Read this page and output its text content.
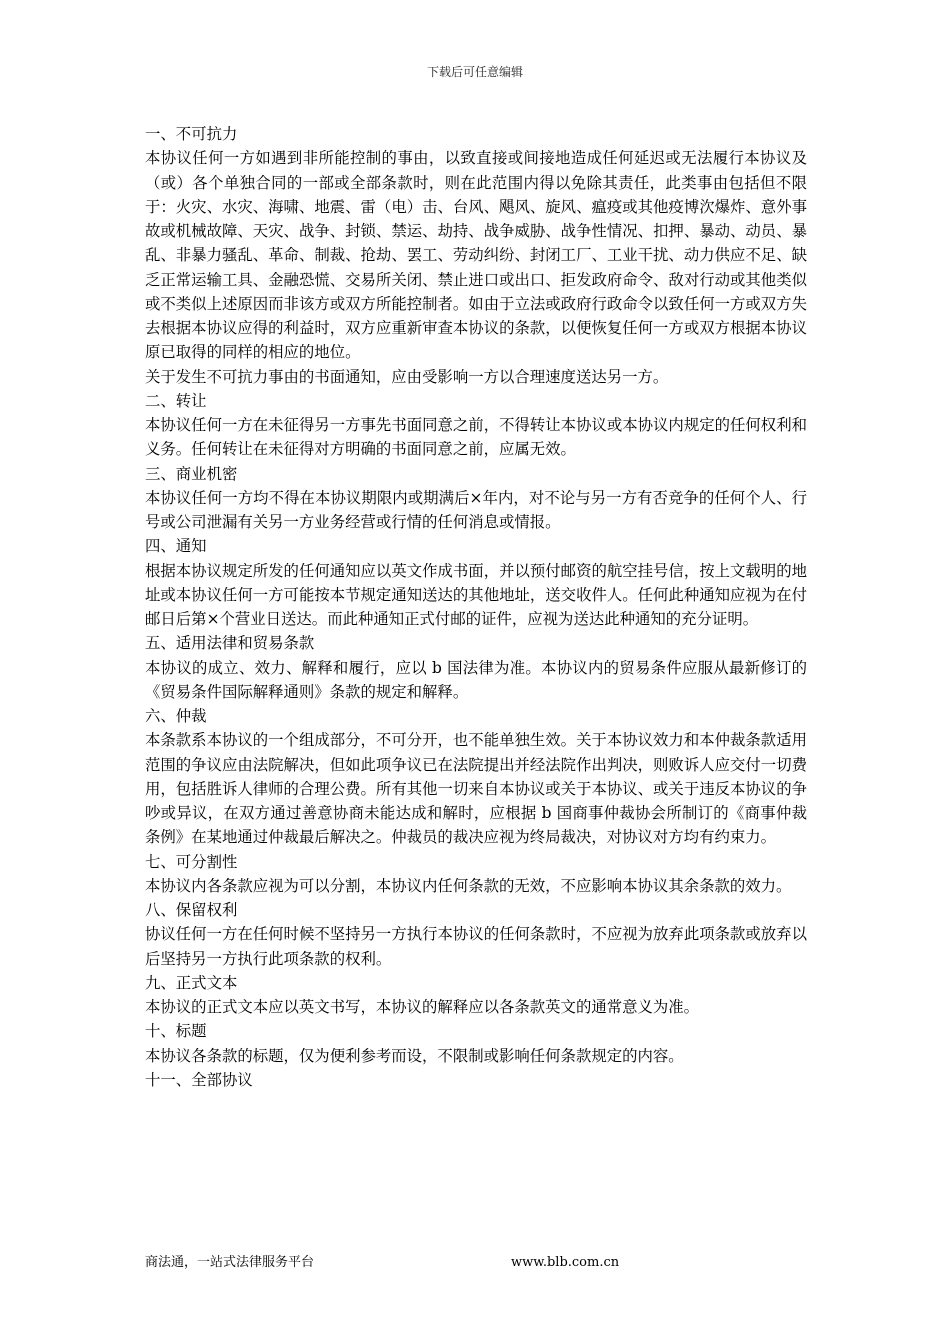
下载后可任意编辑

一、不可抗力

本协议任何一方如遇到非所能控制的事由，以致直接或间接地造成任何延迟或无法履行本协议及（或）各个单独合同的一部或全部条款时，则在此范围内得以免除其责任，此类事由包括但不限于：火灾、水灾、海啸、地震、雷（电）击、台风、飓风、旋风、瘟疫或其他疫博㳄爆炸、意外事故或机械故障、天灾、战争、封锁、禁运、劫持、战争威胁、战争性情况、扣押、暴动、动员、暴乱、非暴力骚乱、革命、制裁、抢劫、罢工、劳动纠纷、封闭工厂、工业干扰、动力供应不足、缺乏正常运输工具、金融恐慌、交易所关闭、禁止进口或出口、拒发政府命令、敌对行动或其他类似或不类似上述原因而非该方或双方所能控制者。如由于立法或政府行政命令以致任何一方或双方失去根据本协议应得的利益时，双方应重新审查本协议的条款，以便恢复任何一方或双方根据本协议原已取得的同样的相应的地位。

关于发生不可抗力事由的书面通知，应由受影响一方以合理速度送达另一方。

二、转让

本协议任何一方在未征得另一方事先书面同意之前，不得转让本协议或本协议内规定的任何权利和义务。任何转让在未征得对方明确的书面同意之前，应属无效。

三、商业机密

本协议任何一方均不得在本协议期限内或期满后×年内，对不论与另一方有否竞争的任何个人、行号或公司泄漏有关另一方业务经营或行情的任何消息或情报。

四、通知

根据本协议规定所发的任何通知应以英文作成书面，并以预付邮资的航空挂号信，按上文载明的地址或本协议任何一方可能按本节规定通知送达的其他地址，送交收件人。任何此种通知应视为在付邮日后第×个营业日送达。而此种通知正式付邮的证件，应视为送达此种通知的充分证明。

五、适用法律和贸易条款

本协议的成立、效力、解释和履行，应以 b 国法律为准。本协议内的贸易条件应服从最新修订的《贸易条件国际解释通则》条款的规定和解释。

六、仲裁

本条款系本协议的一个组成部分，不可分开，也不能单独生效。关于本协议效力和本仲裁条款适用范围的争议应由法院解决，但如此项争议已在法院提出并经法院作出判决，则败诉人应交付一切费用，包括胜诉人律师的合理公费。所有其他一切来自本协议或关于本协议、或关于违反本协议的争吵或异议，在双方通过善意协商未能达成和解时，应根据 b 国商事仲裁协会所制订的《商事仲裁条例》在某地通过仲裁最后解决之。仲裁员的裁决应视为终局裁决，对协议对方均有约束力。

七、可分割性

本协议内各条款应视为可以分割，本协议内任何条款的无效，不应影响本协议其余条款的效力。

八、保留权利

协议任何一方在任何时候不坚持另一方执行本协议的任何条款时，不应视为放弃此项条款或放弃以后坚持另一方执行此项条款的权利。

九、正式文本

本协议的正式文本应以英文书写，本协议的解释应以各条款英文的通常意义为准。

十、标题

本协议各条款的标题，仅为便利参考而设，不限制或影响任何条款规定的内容。

十一、全部协议

商法通，一站式法律服务平台	www.blb.com.cn
